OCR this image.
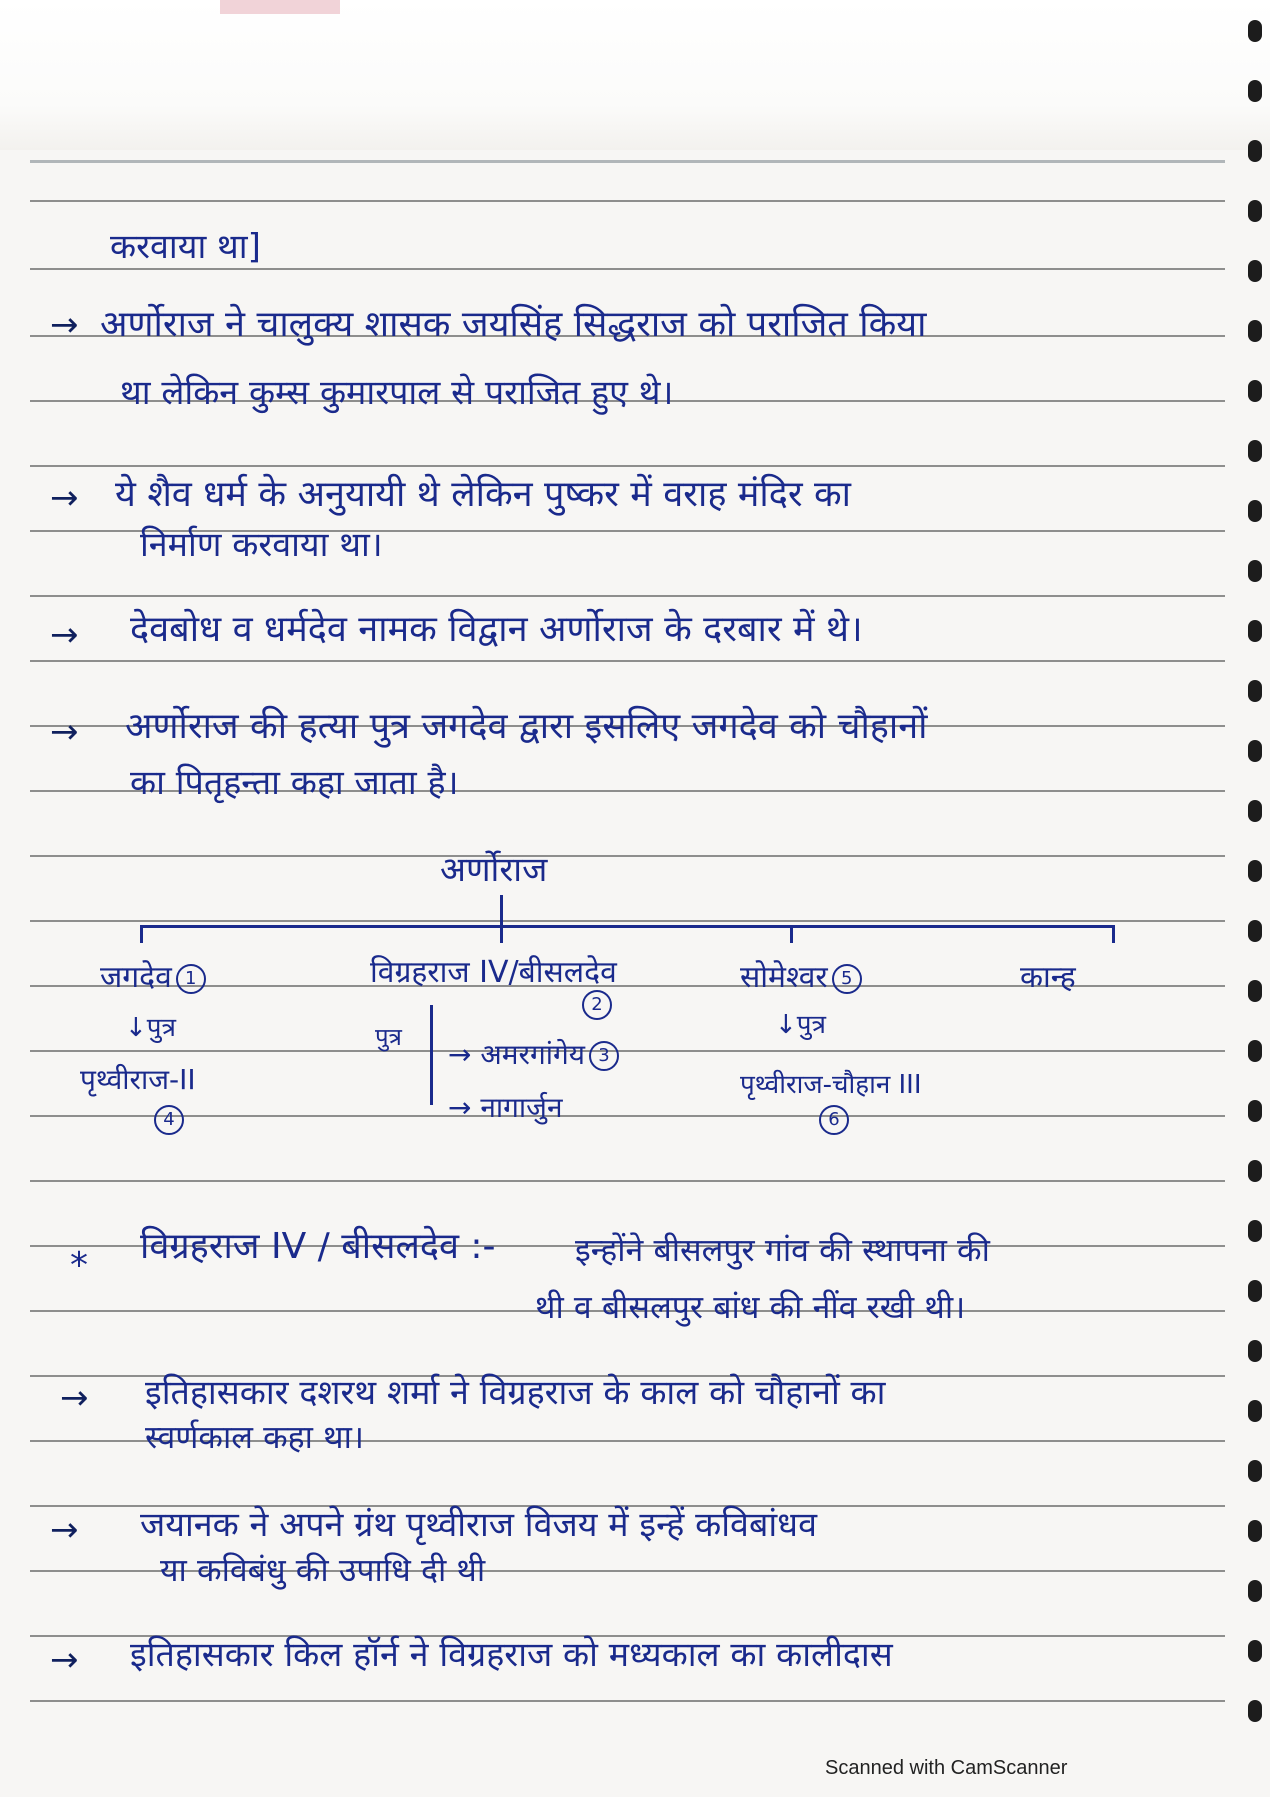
करवाया था]
→ अर्णोराज ने चालुक्य शासक जयसिंह सिद्धराज को पराजित किया
था लेकिन कुम्स कुमारपाल से पराजित हुए थे।
→ ये शैव धर्म के अनुयायी थे लेकिन पुष्कर में वराह मंदिर का
निर्माण करवाया था।
→ देवबोध व धर्मदेव नामक विद्वान अर्णोराज के दरबार में थे।
→ अर्णोराज की हत्या पुत्र जगदेव द्वारा इसलिए जगदेव को चौहानों
का पितृहन्ता कहा जाता है।
अर्णोराज
जगदेव 1
↓पुत्र
पृथ्वीराज-II
4
विग्रहराज IV/बीसलदेव
2
पुत्र
→ अमरगांगेय 3
→ नागार्जुन
सोमेश्वर 5
↓पुत्र
पृथ्वीराज-चौहान III
6
कान्ह
* विग्रहराज IV / बीसलदेव :- इन्होंने बीसलपुर गांव की स्थापना की
थी व बीसलपुर बांध की नींव रखी थी।
→ इतिहासकार दशरथ शर्मा ने विग्रहराज के काल को चौहानों का
स्वर्णकाल कहा था।
→ जयानक ने अपने ग्रंथ पृथ्वीराज विजय में इन्हें कविबांधव
या कविबंधु की उपाधि दी थी
→ इतिहासकार किल हॉर्न ने विग्रहराज को मध्यकाल का कालीदास
Scanned with CamScanner
